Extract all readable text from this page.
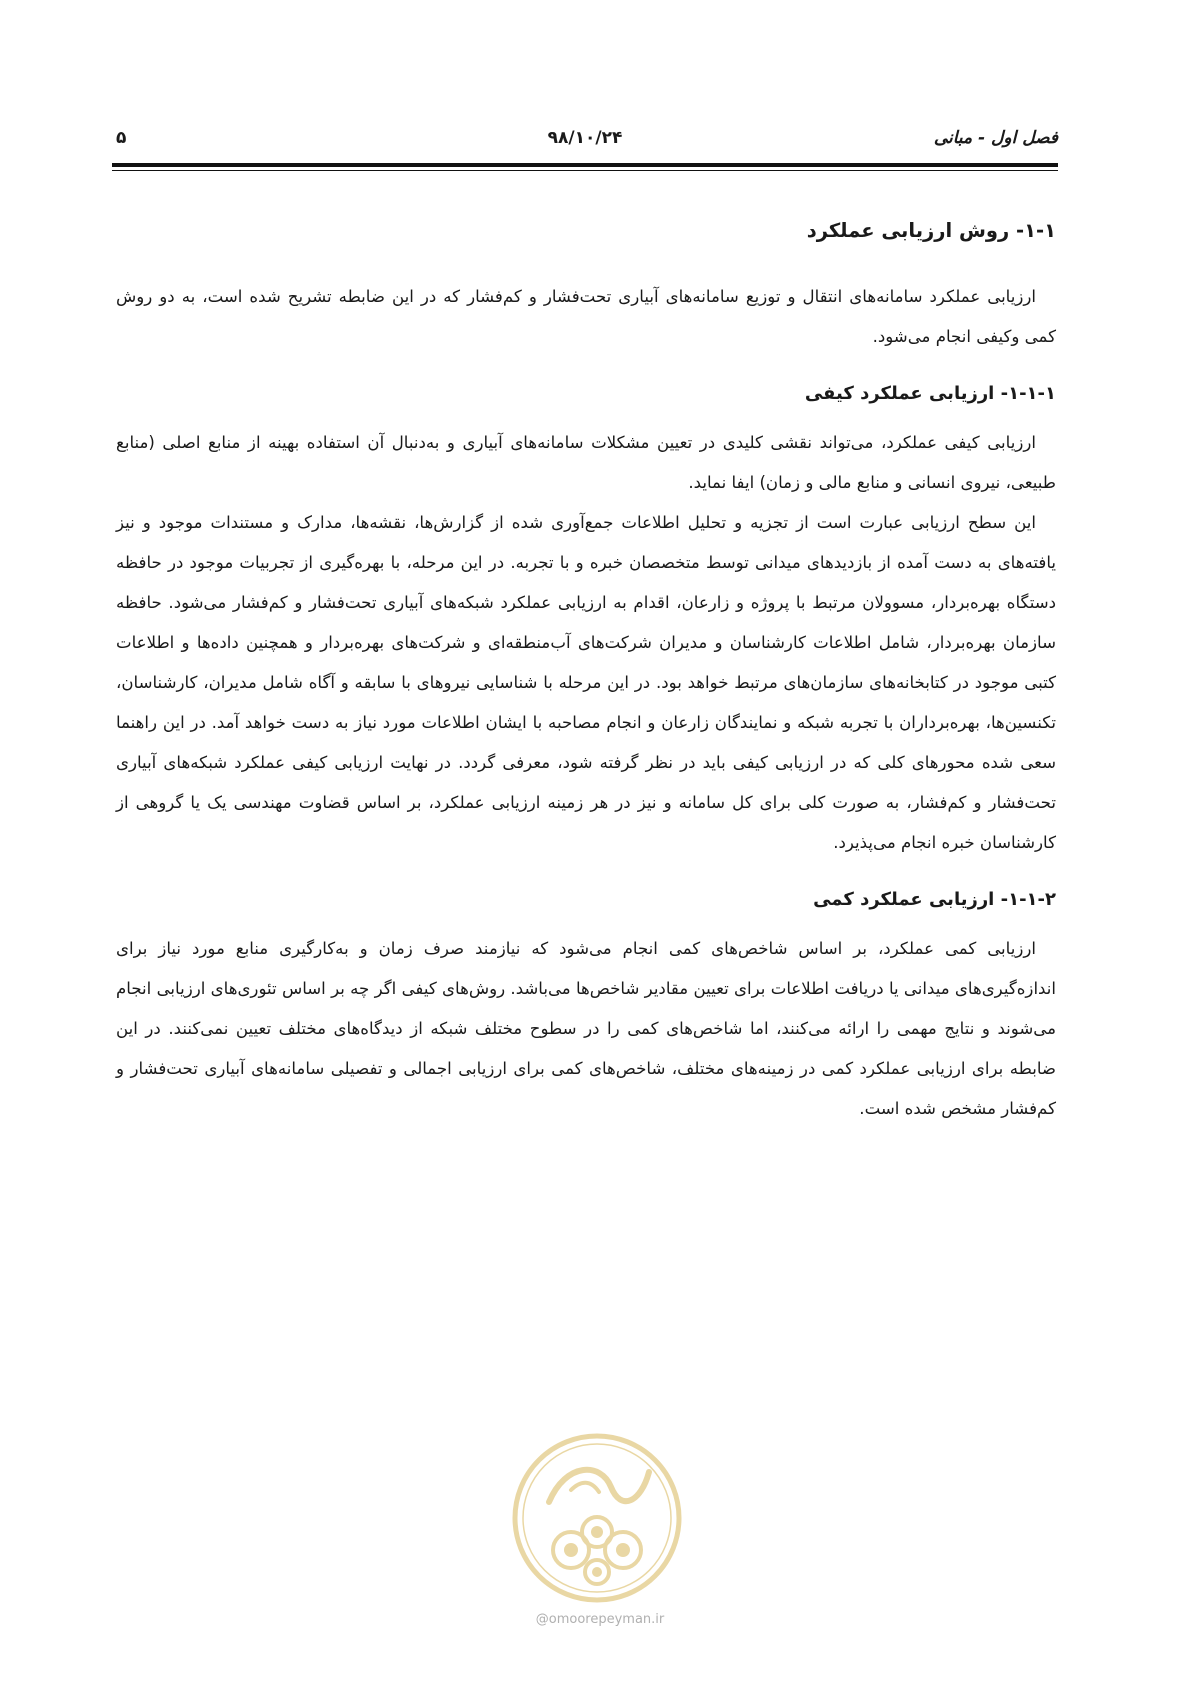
فصل اول - مبانی
۹۸/۱۰/۲۴
۵
۱-۱- روش ارزیابی عملکرد

ارزیابی عملکرد سامانه‌های انتقال و توزیع سامانه‌های آبیاری تحت‌فشار و کم‌فشار که در این ضابطه تشریح شده است، به دو روش کمی وکیفی انجام می‌شود.

۱-۱-۱- ارزیابی عملکرد کیفی

ارزیابی کیفی عملکرد، می‌تواند نقشی کلیدی در تعیین مشکلات سامانه‌های آبیاری و به‌دنبال آن استفاده بهینه از منابع اصلی (منابع طبیعی، نیروی انسانی و منابع مالی و زمان) ایفا نماید.

این سطح ارزیابی عبارت است از تجزیه و تحلیل اطلاعات جمع‌آوری شده از گزارش‌ها، نقشه‌ها، مدارک و مستندات موجود و نیز یافته‌های به دست آمده از بازدیدهای میدانی توسط متخصصان خبره و با تجربه. در این مرحله، با بهره‌گیری از تجربیات موجود در حافظه دستگاه بهره‌بردار، مسوولان مرتبط با پروژه و زارعان، اقدام به ارزیابی عملکرد شبکه‌های آبیاری تحت‌فشار و کم‌فشار می‌شود. حافظه سازمان بهره‌بردار، شامل اطلاعات کارشناسان و مدیران شرکت‌های آب‌منطقه‌ای و شرکت‌های بهره‌بردار و همچنین داده‌ها و اطلاعات کتبی موجود در کتابخانه‌های سازمان‌های مرتبط خواهد بود. در این مرحله با شناسایی نیروهای با سابقه و آگاه شامل مدیران، کارشناسان، تکنسین‌ها، بهره‌برداران با تجربه شبکه و نمایندگان زارعان و انجام مصاحبه با ایشان اطلاعات مورد نیاز به دست خواهد آمد. در این راهنما سعی شده محورهای کلی که در ارزیابی کیفی باید در نظر گرفته شود، معرفی گردد. در نهایت ارزیابی کیفی عملکرد شبکه‌های آبیاری تحت‌فشار و کم‌فشار، به صورت کلی برای کل سامانه و نیز در هر زمینه ارزیابی عملکرد، بر اساس قضاوت مهندسی یک یا گروهی از کارشناسان خبره انجام می‌پذیرد.

۱-۱-۲- ارزیابی عملکرد کمی

ارزیابی کمی عملکرد، بر اساس شاخص‌های کمی انجام می‌شود که نیازمند صرف زمان و به‌کارگیری منابع مورد نیاز برای اندازه‌گیری‌های میدانی یا دریافت اطلاعات برای تعیین مقادیر شاخص‌ها می‌باشد. روش‌های کیفی اگر چه بر اساس تئوری‌های ارزیابی انجام می‌شوند و نتایج مهمی را ارائه می‌کنند، اما شاخص‌های کمی را در سطوح مختلف شبکه از دیدگاه‌های مختلف تعیین نمی‌کنند. در این ضابطه برای ارزیابی عملکرد کمی در زمینه‌های مختلف، شاخص‌های کمی برای ارزیابی اجمالی و تفصیلی سامانه‌های آبیاری تحت‌فشار و کم‌فشار مشخص شده است.

@omoorepeyman.ir
